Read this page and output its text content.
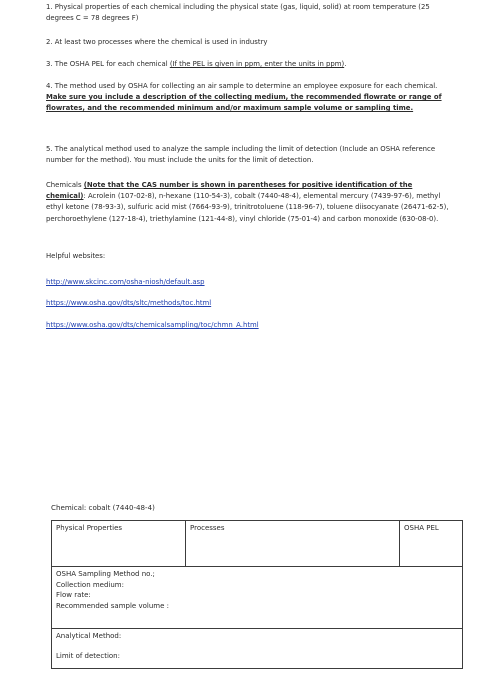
1. Physical properties of each chemical including the physical state (gas, liquid, solid) at room temperature (25 degrees C = 78 degrees F)

2. At least two processes where the chemical is used in industry

3. The OSHA PEL for each chemical (If the PEL is given in ppm, enter the units in ppm).

4. The method used by OSHA for collecting an air sample to determine an employee exposure for each chemical. Make sure you include a description of the collecting medium, the recommended flowrate or range of flowrates, and the recommended minimum and/or maximum sample volume or sampling time.

5. The analytical method used to analyze the sample including the limit of detection (Include an OSHA reference number for the method). You must include the units for the limit of detection.

Chemicals (Note that the CAS number is shown in parentheses for positive identification of the chemical): Acrolein (107-02-8), n-hexane (110-54-3), cobalt (7440-48-4), elemental mercury (7439-97-6), methyl ethyl ketone (78-93-3), sulfuric acid mist (7664-93-9), trinitrotoluene (118-96-7), toluene diisocyanate (26471-62-5), perchoroethylene (127-18-4), triethylamine (121-44-8), vinyl chloride (75-01-4) and carbon monoxide (630-08-0).

Helpful websites:
http://www.skcinc.com/osha-niosh/default.asp
https://www.osha.gov/dts/sltc/methods/toc.html
https://www.osha.gov/dts/chemicalsampling/toc/chmn_A.html
Chemical: cobalt (7440-48-4)
Physical Properties	Processes	OSHA PEL

OSHA Sampling Method no.;
Collection medium:
Flow rate:
Recommended sample volume :

Analytical Method:
Limit of detection:
